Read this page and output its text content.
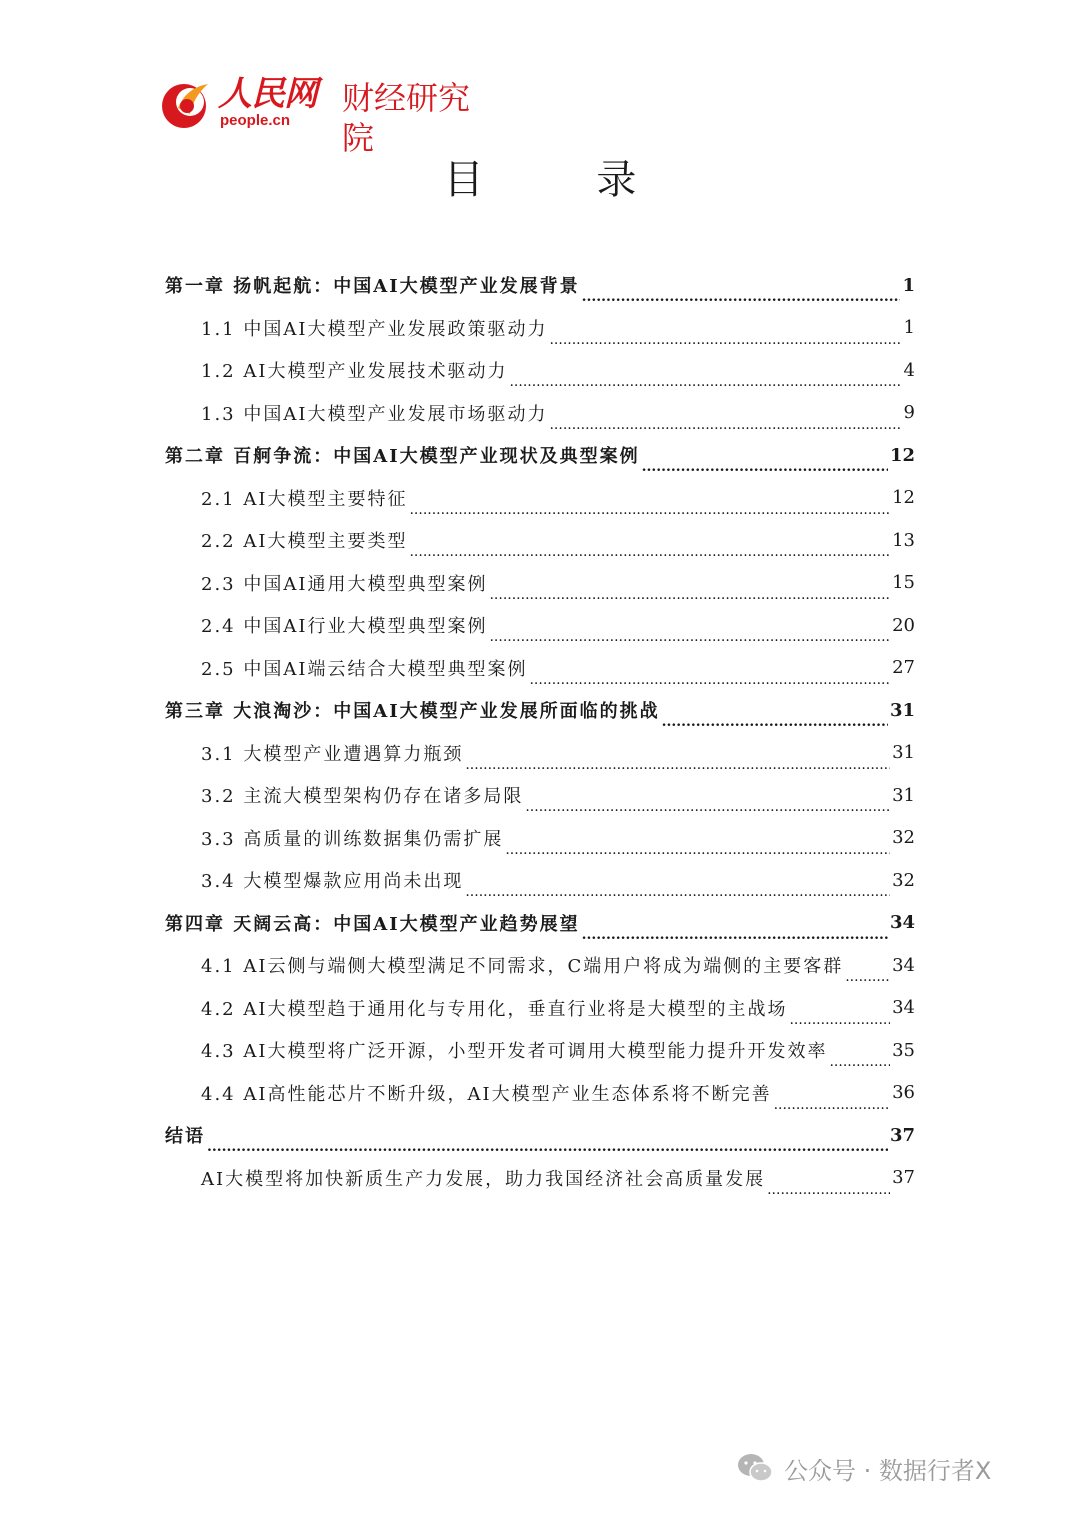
人民网
people.cn
财经研究院
目 录
第一章 扬帆起航：中国AI大模型产业发展背景 .....	1
1.1 中国AI大模型产业发展政策驱动力 .....	1
1.2 AI大模型产业发展技术驱动力 .....	4
1.3 中国AI大模型产业发展市场驱动力 .....	9
第二章 百舸争流：中国AI大模型产业现状及典型案例 .....	12
2.1 AI大模型主要特征 .....	12
2.2 AI大模型主要类型 .....	13
2.3 中国AI通用大模型典型案例 .....	15
2.4 中国AI行业大模型典型案例 .....	20
2.5 中国AI端云结合大模型典型案例 .....	27
第三章 大浪淘沙：中国AI大模型产业发展所面临的挑战 .....	31
3.1 大模型产业遭遇算力瓶颈 .....	31
3.2 主流大模型架构仍存在诸多局限 .....	31
3.3 高质量的训练数据集仍需扩展 .....	32
3.4 大模型爆款应用尚未出现 .....	32
第四章 天阔云高：中国AI大模型产业趋势展望 .....	34
4.1 AI云侧与端侧大模型满足不同需求，C端用户将成为端侧的主要客群 .....	34
4.2 AI大模型趋于通用化与专用化，垂直行业将是大模型的主战场 .....	34
4.3 AI大模型将广泛开源，小型开发者可调用大模型能力提升开发效率 .....	35
4.4 AI高性能芯片不断升级，AI大模型产业生态体系将不断完善 .....	36
结语 .....	37
AI大模型将加快新质生产力发展，助力我国经济社会高质量发展 .....	37
公众号 · 数据行者X
